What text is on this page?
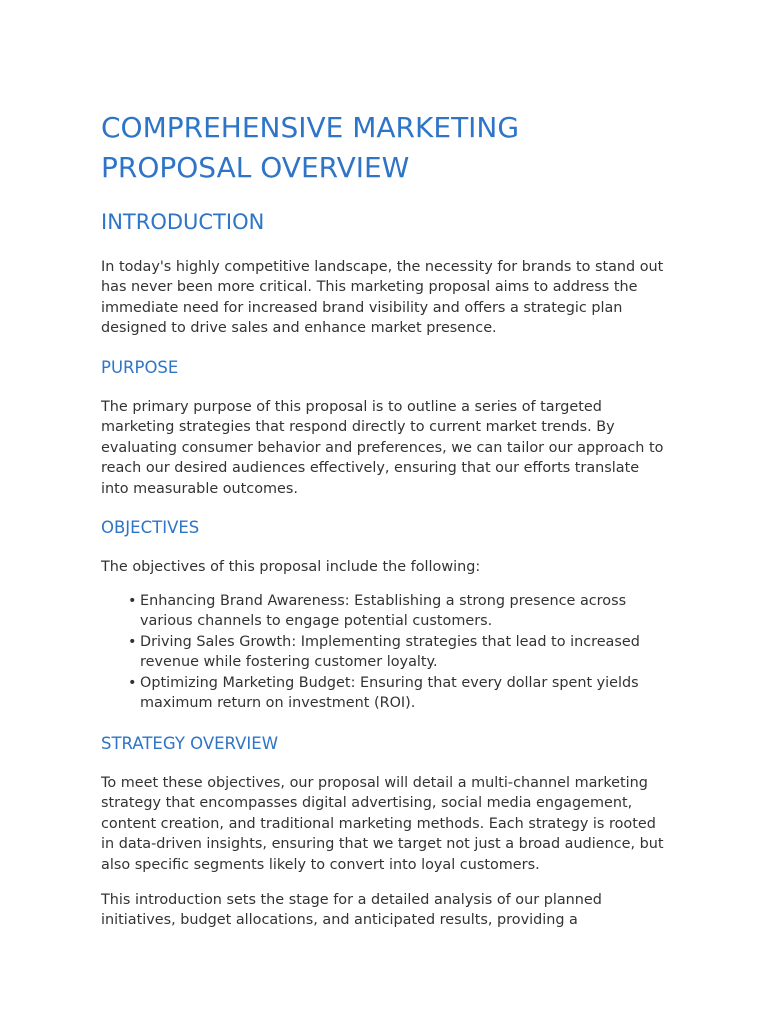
COMPREHENSIVE MARKETING PROPOSAL OVERVIEW
INTRODUCTION

In today's highly competitive landscape, the necessity for brands to stand out has never been more critical. This marketing proposal aims to address the immediate need for increased brand visibility and offers a strategic plan designed to drive sales and enhance market presence.

PURPOSE

The primary purpose of this proposal is to outline a series of targeted marketing strategies that respond directly to current market trends. By evaluating consumer behavior and preferences, we can tailor our approach to reach our desired audiences effectively, ensuring that our efforts translate into measurable outcomes.

OBJECTIVES

The objectives of this proposal include the following:

• Enhancing Brand Awareness: Establishing a strong presence across various channels to engage potential customers.
• Driving Sales Growth: Implementing strategies that lead to increased revenue while fostering customer loyalty.
• Optimizing Marketing Budget: Ensuring that every dollar spent yields maximum return on investment (ROI).
STRATEGY OVERVIEW

To meet these objectives, our proposal will detail a multi-channel marketing strategy that encompasses digital advertising, social media engagement, content creation, and traditional marketing methods. Each strategy is rooted in data-driven insights, ensuring that we target not just a broad audience, but also specific segments likely to convert into loyal customers.

This introduction sets the stage for a detailed analysis of our planned initiatives, budget allocations, and anticipated results, providing a
